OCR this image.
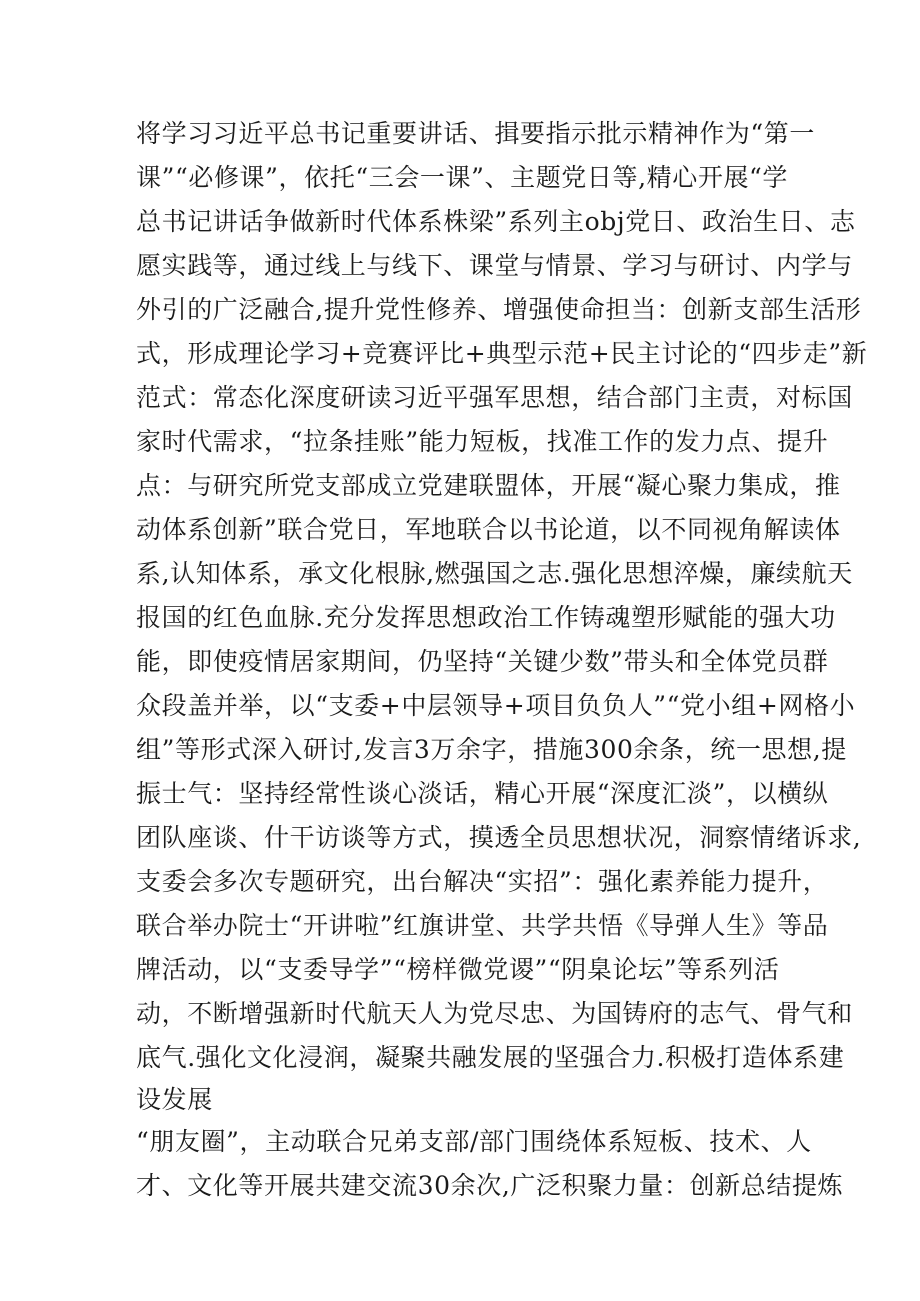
将学习习近平总书记重要讲话、揖要指示批示精神作为“第一
课”“必修课”，依托“三会一课”、主题党日等,精心开展“学
总书记讲话争做新时代体系株梁”系列主obj党日、政治生日、志
愿实践等，通过线上与线下、课堂与情景、学习与研讨、内学与
外引的广泛融合,提升党性修养、增强使命担当：创新支部生活形
式，形成理论学习+竞赛评比+典型示范+民主讨论的“四步走”新
范式：常态化深度研读习近平强军思想，结合部门主责，对标国
家时代需求，“拉条挂账”能力短板，找准工作的发力点、提升
点：与研究所党支部成立党建联盟体，开展“凝心聚力集成，推
动体系创新”联合党日，军地联合以书论道，以不同视角解读体
系,认知体系，承文化根脉,燃强国之志.强化思想淬燥，廉续航天
报国的红色血脉.充分发挥思想政治工作铸魂塑形赋能的强大功
能，即使疫情居家期间，仍坚持“关键少数”带头和全体党员群
众段盖并举，以“支委+中层领导+项目负负人”“党小组+网格小
组”等形式深入研讨,发言3万余字，措施300余条，统一思想,提
振士气：坚持经常性谈心淡话，精心开展“深度汇淡”，以横纵
团队座谈、什干访谈等方式，摸透全员思想状况，洞察情绪诉求,
支委会多次专题研究，出台解决“实招”：强化素养能力提升，
联合举办院士“开讲啦”红旗讲堂、共学共悟《导弹人生》等品
牌活动，以“支委导学”“榜样微党谡”“阴臬论坛”等系列活
动，不断增强新时代航天人为党尽忠、为国铸府的志气、骨气和
底气.强化文化浸润，凝聚共融发展的坚强合力.积极打造体系建
设发展
“朋友圈”，主动联合兄弟支部/部门围绕体系短板、技术、人
才、文化等开展共建交流30余次,广泛积聚力量：创新总结提炼
